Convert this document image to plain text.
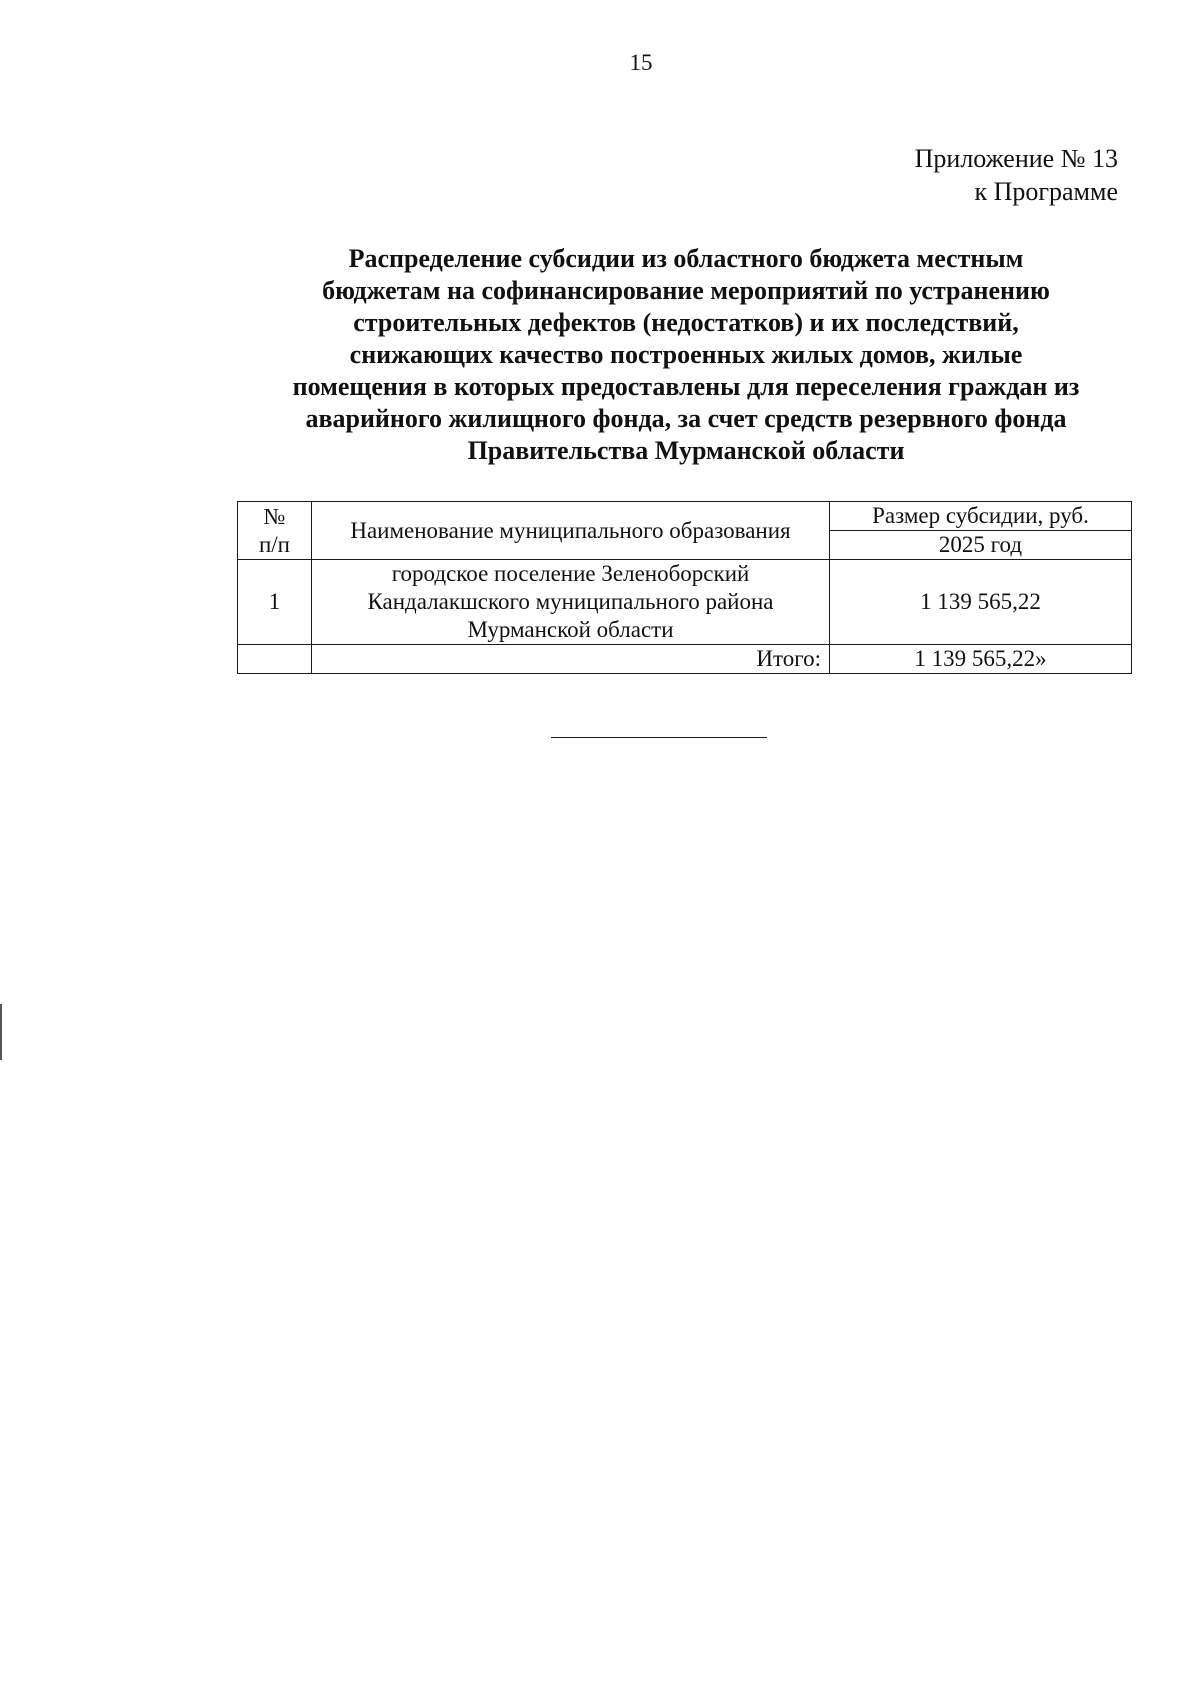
15
Приложение № 13
к Программе
Распределение субсидии из областного бюджета местным
бюджетам на софинансирование мероприятий по устранению
строительных дефектов (недостатков) и их последствий,
снижающих качество построенных жилых домов, жилые
помещения в которых предоставлены для переселения граждан из
аварийного жилищного фонда, за счет средств резервного фонда
Правительства Мурманской области
№
п/п	Наименование муниципального образования	Размер субсидии, руб.
		2025 год
1	городское поселение Зеленоборский
Кандалакшского муниципального района
Мурманской области	1 139 565,22
	Итого:	1 139 565,22»
